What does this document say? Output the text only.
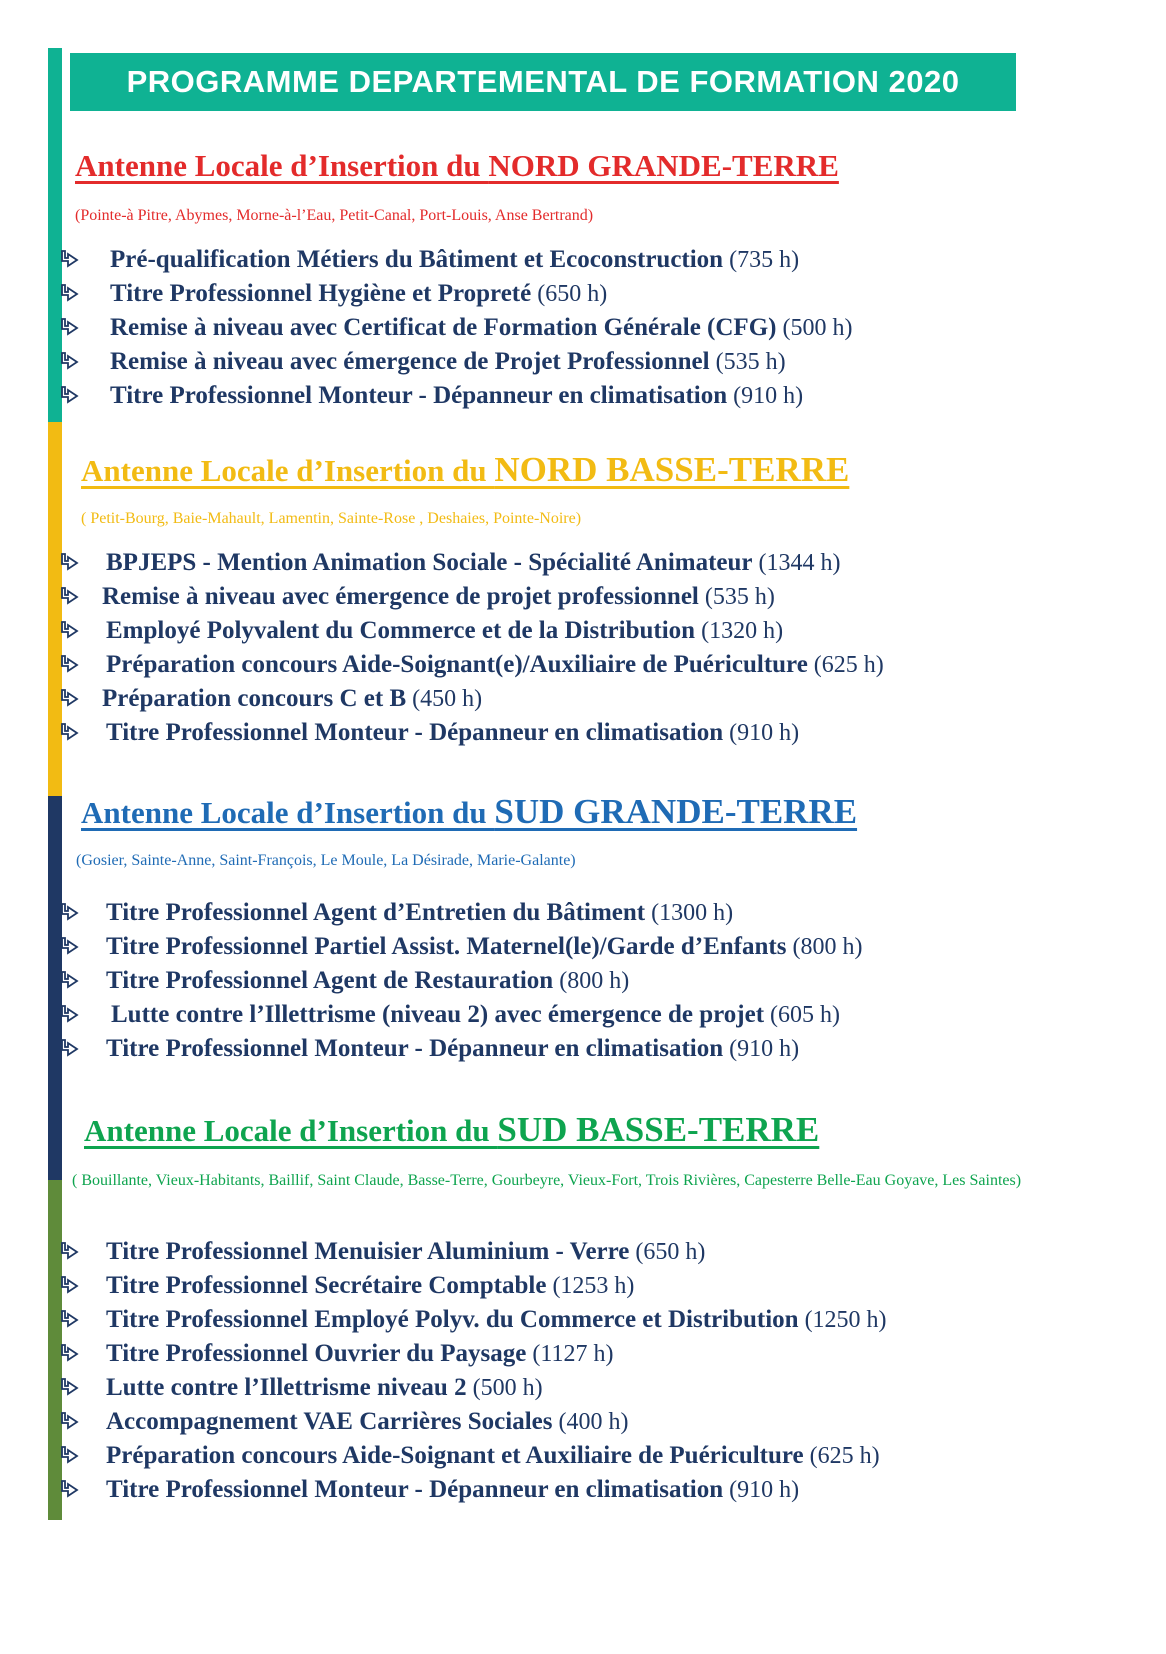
PROGRAMME DEPARTEMENTAL DE FORMATION 2020
Antenne Locale d’Insertion du NORD GRANDE-TERRE
(Pointe-à Pitre, Abymes, Morne-à-l’Eau, Petit-Canal, Port-Louis, Anse Bertrand)
Pré-qualification Métiers du Bâtiment et Ecoconstruction (735 h)
Titre Professionnel Hygiène et Propreté (650 h)
Remise à niveau avec Certificat de Formation Générale (CFG) (500 h)
Remise à niveau avec émergence de Projet Professionnel (535 h)
Titre Professionnel Monteur - Dépanneur en climatisation (910 h)
Antenne Locale d’Insertion du NORD BASSE-TERRE
( Petit-Bourg, Baie-Mahault, Lamentin, Sainte-Rose , Deshaies, Pointe-Noire)
BPJEPS - Mention Animation Sociale - Spécialité Animateur (1344 h)
Remise à niveau avec émergence de projet professionnel (535 h)
Employé Polyvalent du Commerce et de la Distribution (1320 h)
Préparation concours Aide-Soignant(e)/Auxiliaire de Puériculture (625 h)
Préparation concours C et B (450 h)
Titre Professionnel Monteur - Dépanneur en climatisation (910 h)
Antenne Locale d’Insertion du SUD GRANDE-TERRE
(Gosier, Sainte-Anne, Saint-François, Le Moule, La Désirade, Marie-Galante)
Titre Professionnel Agent d’Entretien du Bâtiment (1300 h)
Titre Professionnel Partiel Assist. Maternel(le)/Garde d’Enfants (800 h)
Titre Professionnel Agent de Restauration (800 h)
Lutte contre l’Illettrisme (niveau 2) avec émergence de projet (605 h)
Titre Professionnel Monteur - Dépanneur en climatisation (910 h)
Antenne Locale d’Insertion du SUD BASSE-TERRE
( Bouillante, Vieux-Habitants, Baillif, Saint Claude, Basse-Terre, Gourbeyre, Vieux-Fort, Trois Rivières, Capesterre Belle-Eau Goyave, Les Saintes)
Titre Professionnel Menuisier Aluminium - Verre (650 h)
Titre Professionnel Secrétaire Comptable (1253 h)
Titre Professionnel Employé Polyv. du Commerce et Distribution (1250 h)
Titre Professionnel Ouvrier du Paysage (1127 h)
Lutte contre l’Illettrisme niveau 2 (500 h)
Accompagnement VAE Carrières Sociales (400 h)
Préparation concours Aide-Soignant et Auxiliaire de Puériculture (625 h)
Titre Professionnel Monteur - Dépanneur en climatisation (910 h)
